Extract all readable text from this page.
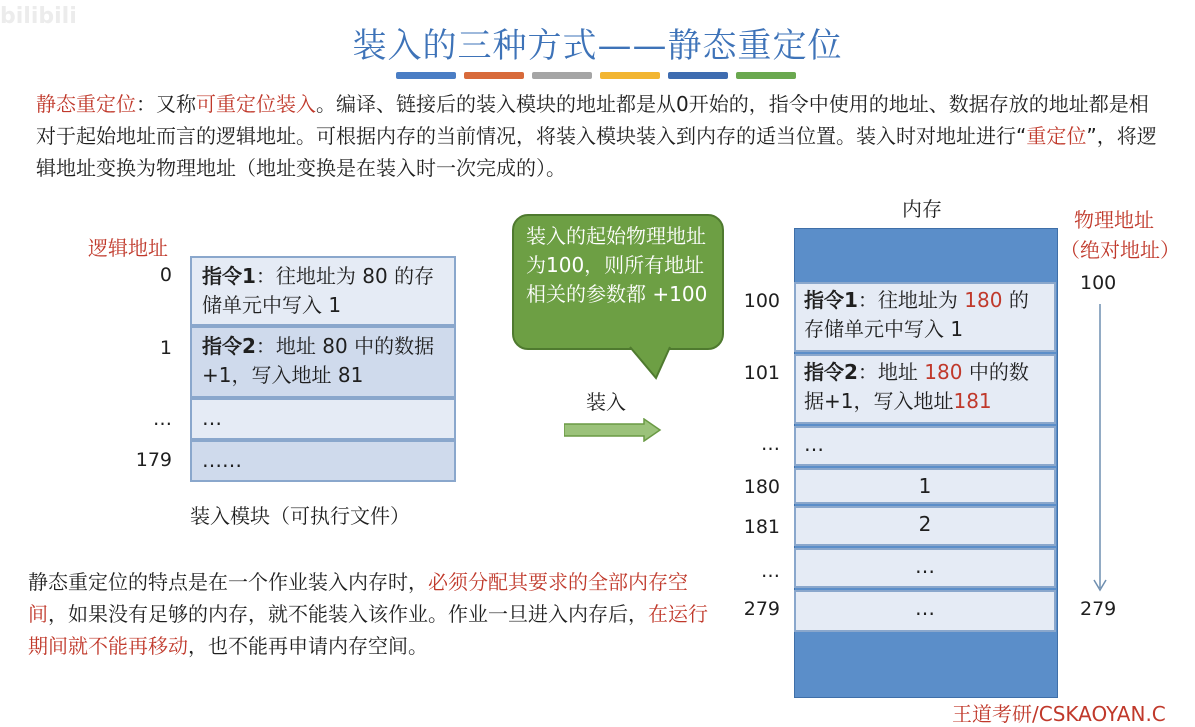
bilibili
装入的三种方式——静态重定位
静态重定位：又称可重定位装入。编译、链接后的装入模块的地址都是从0开始的，指令中使用的地址、数据存放的地址都是相对于起始地址而言的逻辑地址。可根据内存的当前情况，将装入模块装入到内存的适当位置。装入时对地址进行“重定位”，将逻辑地址变换为物理地址（地址变换是在装入时一次完成的）。
逻辑地址
0
1
…
179
指令1：往地址为 80 的存储单元中写入 1
指令2：地址 80 中的数据+1，写入地址 81
…
……
装入模块（可执行文件）
装入的起始物理地址为100，则所有地址相关的参数都 +100
装入
内存	物理地址
（绝对地址）
100
101
…
180
181
…
279
指令1：往地址为 180 的存储单元中写入 1
指令2：地址 180 中的数据+1，写入地址181
…
1
2
…
…
100
279
静态重定位的特点是在一个作业装入内存时，必须分配其要求的全部内存空间，如果没有足够的内存，就不能装入该作业。作业一旦进入内存后，在运行期间就不能再移动，也不能再申请内存空间。
王道考研/CSKAOYAN.C
